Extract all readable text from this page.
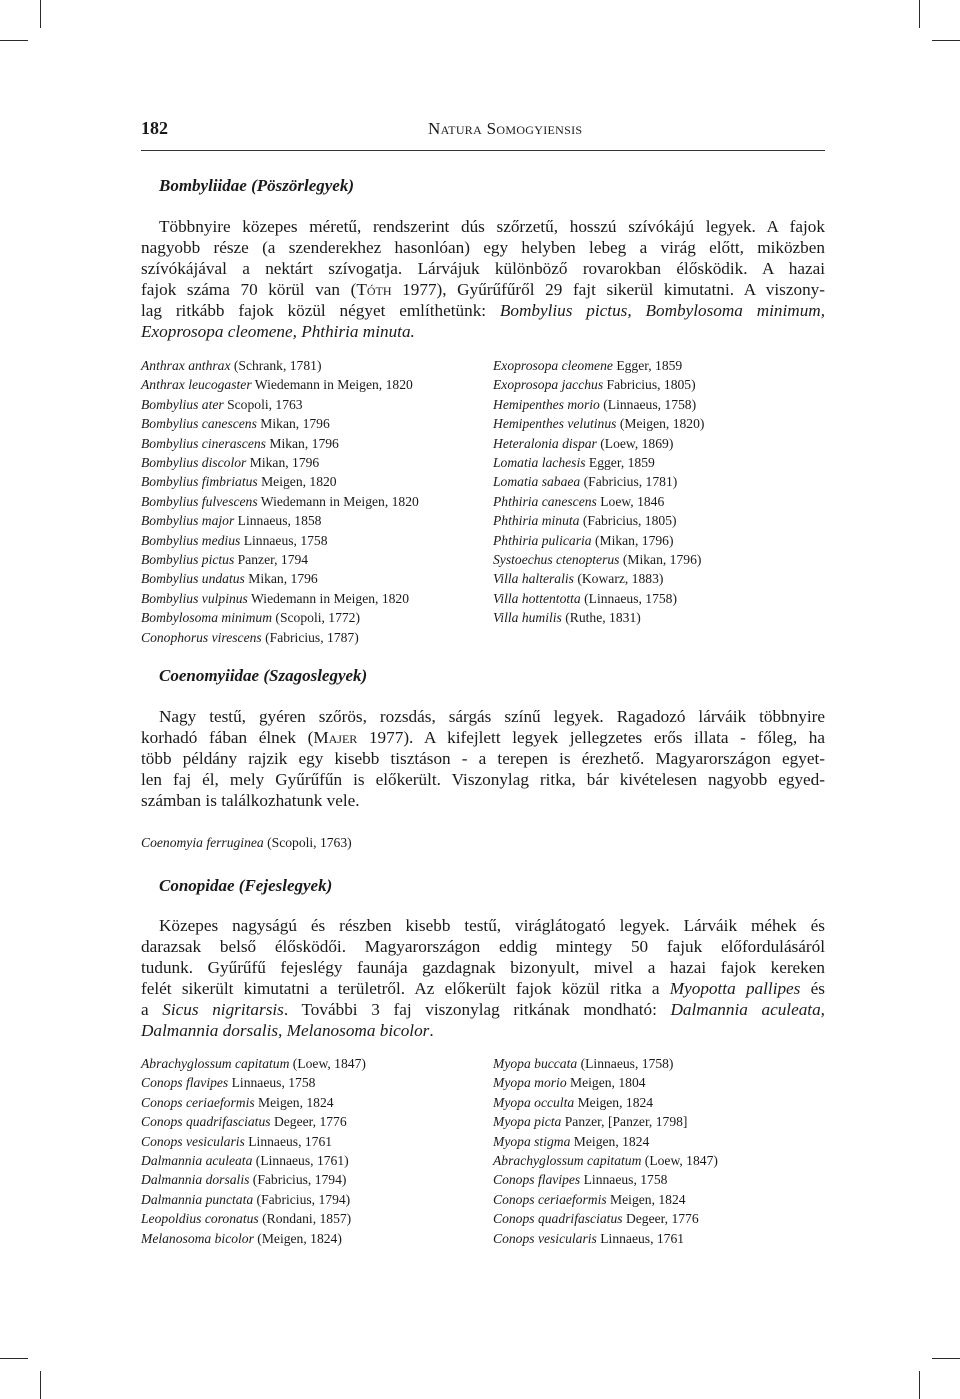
182	Natura Somogyiensis
Bombyliidae (Pöszörlegyek)
Többnyire közepes méretű, rendszerint dús szőrzetű, hosszú szívókájú legyek. A fajok
nagyobb része (a szenderekhez hasonlóan) egy helyben lebeg a virág előtt, miközben
szívókájával a nektárt szívogatja. Lárvájuk különböző rovarokban élősködik. A hazai
fajok száma 70 körül van (Tóth 1977), Gyűrűfűről 29 fajt sikerül kimutatni. A viszony-
lag ritkább fajok közül négyet említhetünk: Bombylius pictus, Bombylosoma minimum,
Exoprosopa cleomene, Phthiria minuta.
Anthrax anthrax (Schrank, 1781)
Anthrax leucogaster Wiedemann in Meigen, 1820
Bombylius ater Scopoli, 1763
Bombylius canescens Mikan, 1796
Bombylius cinerascens Mikan, 1796
Bombylius discolor Mikan, 1796
Bombylius fimbriatus Meigen, 1820
Bombylius fulvescens Wiedemann in Meigen, 1820
Bombylius major Linnaeus, 1858
Bombylius medius Linnaeus, 1758
Bombylius pictus Panzer, 1794
Bombylius undatus Mikan, 1796
Bombylius vulpinus Wiedemann in Meigen, 1820
Bombylosoma minimum (Scopoli, 1772)
Conophorus virescens (Fabricius, 1787)
Exoprosopa cleomene Egger, 1859
Exoprosopa jacchus Fabricius, 1805)
Hemipenthes morio (Linnaeus, 1758)
Hemipenthes velutinus (Meigen, 1820)
Heteralonia dispar (Loew, 1869)
Lomatia lachesis Egger, 1859
Lomatia sabaea (Fabricius, 1781)
Phthiria canescens Loew, 1846
Phthiria minuta (Fabricius, 1805)
Phthiria pulicaria (Mikan, 1796)
Systoechus ctenopterus (Mikan, 1796)
Villa halteralis (Kowarz, 1883)
Villa hottentotta (Linnaeus, 1758)
Villa humilis (Ruthe, 1831)
Coenomyiidae (Szagoslegyek)
Nagy testű, gyéren szőrös, rozsdás, sárgás színű legyek. Ragadozó lárváik többnyire
korhadó fában élnek (Majer 1977). A kifejlett legyek jellegzetes erős illata - főleg, ha
több példány rajzik egy kisebb tisztáson - a terepen is érezhető. Magyarországon egyet-
len faj él, mely Gyűrűfűn is előkerült. Viszonylag ritka, bár kivételesen nagyobb egyed-
számban is találkozhatunk vele.
Coenomyia ferruginea (Scopoli, 1763)
Conopidae (Fejeslegyek)
Közepes nagyságú és részben kisebb testű, viráglátogató legyek. Lárváik méhek és
darazsak belső élősködői. Magyarországon eddig mintegy 50 fajuk előfordulásáról
tudunk. Gyűrűfű fejeslégy faunája gazdagnak bizonyult, mivel a hazai fajok kereken
felét sikerült kimutatni a területről. Az előkerült fajok közül ritka a Myopotta pallipes és
a Sicus nigritarsis. További 3 faj viszonylag ritkának mondható: Dalmannia aculeata,
Dalmannia dorsalis, Melanosoma bicolor.
Abrachyglossum capitatum (Loew, 1847)
Conops flavipes Linnaeus, 1758
Conops ceriaeformis Meigen, 1824
Conops quadrifasciatus Degeer, 1776
Conops vesicularis Linnaeus, 1761
Dalmannia aculeata (Linnaeus, 1761)
Dalmannia dorsalis (Fabricius, 1794)
Dalmannia punctata (Fabricius, 1794)
Leopoldius coronatus (Rondani, 1857)
Melanosoma bicolor (Meigen, 1824)
Myopa buccata (Linnaeus, 1758)
Myopa morio Meigen, 1804
Myopa occulta Meigen, 1824
Myopa picta Panzer, [Panzer, 1798]
Myopa stigma Meigen, 1824
Abrachyglossum capitatum (Loew, 1847)
Conops flavipes Linnaeus, 1758
Conops ceriaeformis Meigen, 1824
Conops quadrifasciatus Degeer, 1776
Conops vesicularis Linnaeus, 1761
